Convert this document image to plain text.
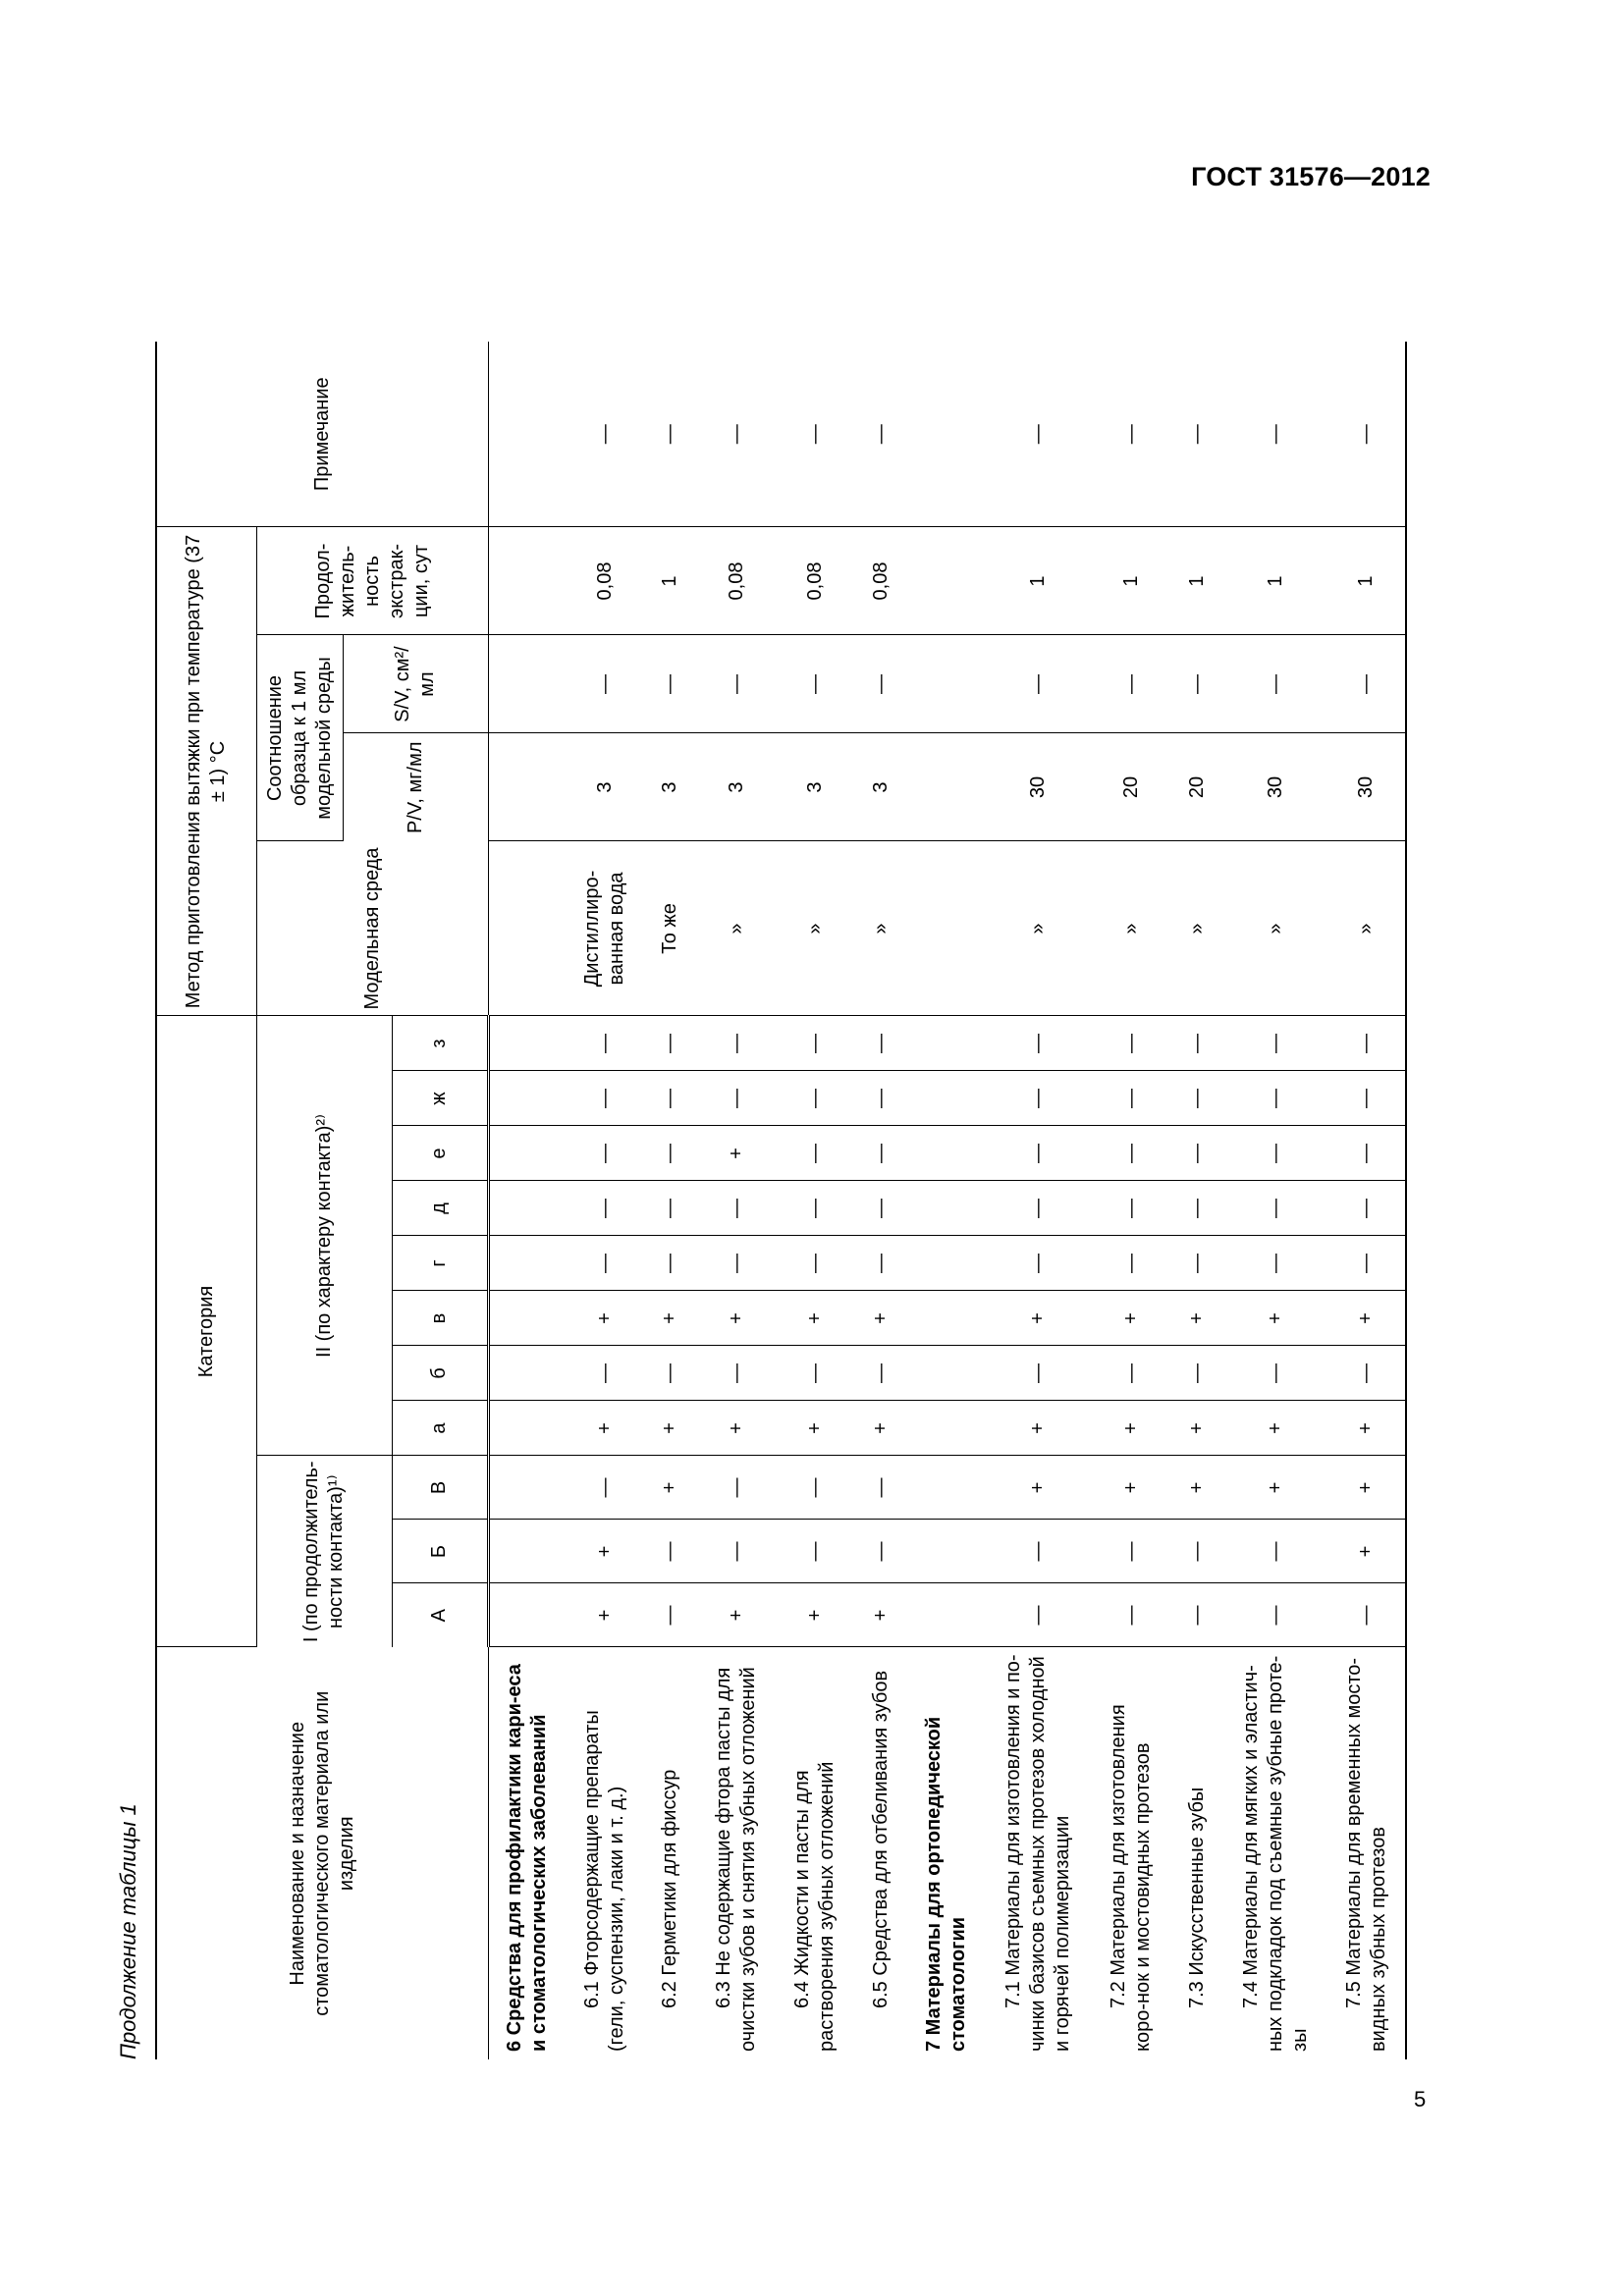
ГОСТ 31576—2012
Продолжение таблицы 1	Наименование и назначение стоматологического материала или изделия	Категория											Метод приготовления вытяжки при температуре (37 ± 1) °С				Примечание
	I (по продолжитель-ности контакта)¹⁾			II (по характеру контакта)²⁾								Модельная среда	Соотношение образца к 1 мл модельной среды		Продол-житель-ность экстрак-ции, сут	
													P/V, мг/мл	S/V, см²/мл		
	А	Б	В	а	б	в	г	д	е	ж	з					
6 Средства для профилактики кари-еса и стоматологических заболеваний																
6.1 Фторсодержащие препараты (гели, суспензии, лаки и т. д.)	+	+	—	+	—	+	—	—	—	—	—	Дистиллиро-ванная вода	3	—	0,08	—
6.2 Герметики для фиссур	—	—	+	+	—	+	—	—	—	—	—	То же	3	—	1	—
6.3 Не содержащие фтора пасты для очистки зубов и снятия зубных отложений	+	—	—	+	—	+	—	—	+	—	—	»	3	—	0,08	—
6.4 Жидкости и пасты для растворения зубных отложений	+	—	—	+	—	+	—	—	—	—	—	»	3	—	0,08	—
6.5 Средства для отбеливания зубов	+	—	—	+	—	+	—	—	—	—	—	»	3	—	0,08	—
7 Материалы для ортопедической стоматологии																
7.1 Материалы для изготовления и по-чинки базисов съемных протезов холодной и горячей полимеризации	—	—	+	+	—	+	—	—	—	—	—	»	30	—	1	—
7.2 Материалы для изготовления коро-нок и мостовидных протезов	—	—	+	+	—	+	—	—	—	—	—	»	20	—	1	—
7.3 Искусственные зубы	—	—	+	+	—	+	—	—	—	—	—	»	20	—	1	—
7.4 Материалы для мягких и эластич-ных подкладок под съемные зубные проте-зы	—	—	+	+	—	+	—	—	—	—	—	»	30	—	1	—
7.5 Материалы для временных мосто-видных зубных протезов	—	+	+	+	—	+	—	—	—	—	—	»	30	—	1	—
5
